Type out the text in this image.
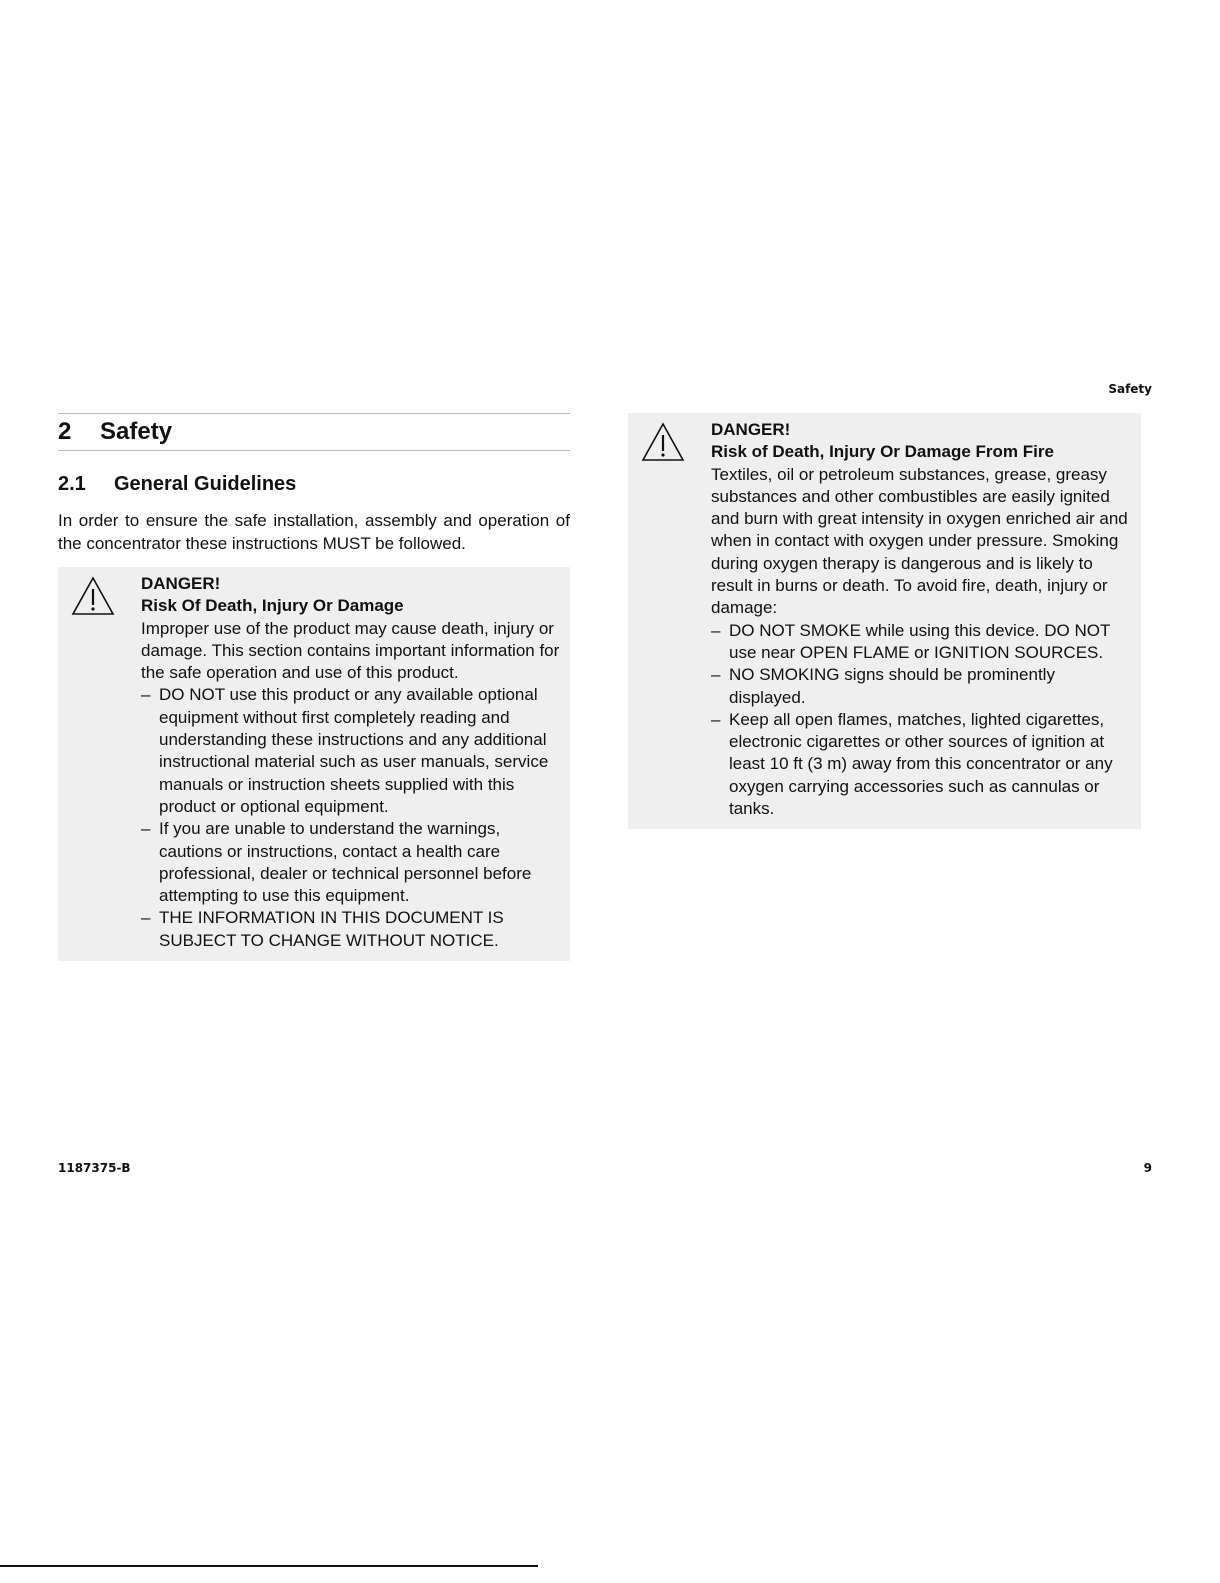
Safety
2	Safety
2.1	General Guidelines

In order to ensure the safe installation, assembly and operation of the concentrator these instructions MUST be followed.

DANGER!
Risk Of Death, Injury Or Damage

Improper use of the product may cause death, injury or damage. This section contains important information for the safe operation and use of this product.

– DO NOT use this product or any available optional equipment without first completely reading and understanding these instructions and any additional instructional material such as user manuals, service manuals or instruction sheets supplied with this product or optional equipment.
– If you are unable to understand the warnings, cautions or instructions, contact a health care professional, dealer or technical personnel before attempting to use this equipment.
– THE INFORMATION IN THIS DOCUMENT IS SUBJECT TO CHANGE WITHOUT NOTICE.
DANGER!
Risk of Death, Injury Or Damage From Fire

Textiles, oil or petroleum substances, grease, greasy substances and other combustibles are easily ignited and burn with great intensity in oxygen enriched air and when in contact with oxygen under pressure. Smoking during oxygen therapy is dangerous and is likely to result in burns or death. To avoid fire, death, injury or damage:

– DO NOT SMOKE while using this device. DO NOT use near OPEN FLAME or IGNITION SOURCES.
– NO SMOKING signs should be prominently displayed.
– Keep all open flames, matches, lighted cigarettes, electronic cigarettes or other sources of ignition at least 10 ft (3 m) away from this concentrator or any oxygen carrying accessories such as cannulas or tanks.
1187375-B	9
